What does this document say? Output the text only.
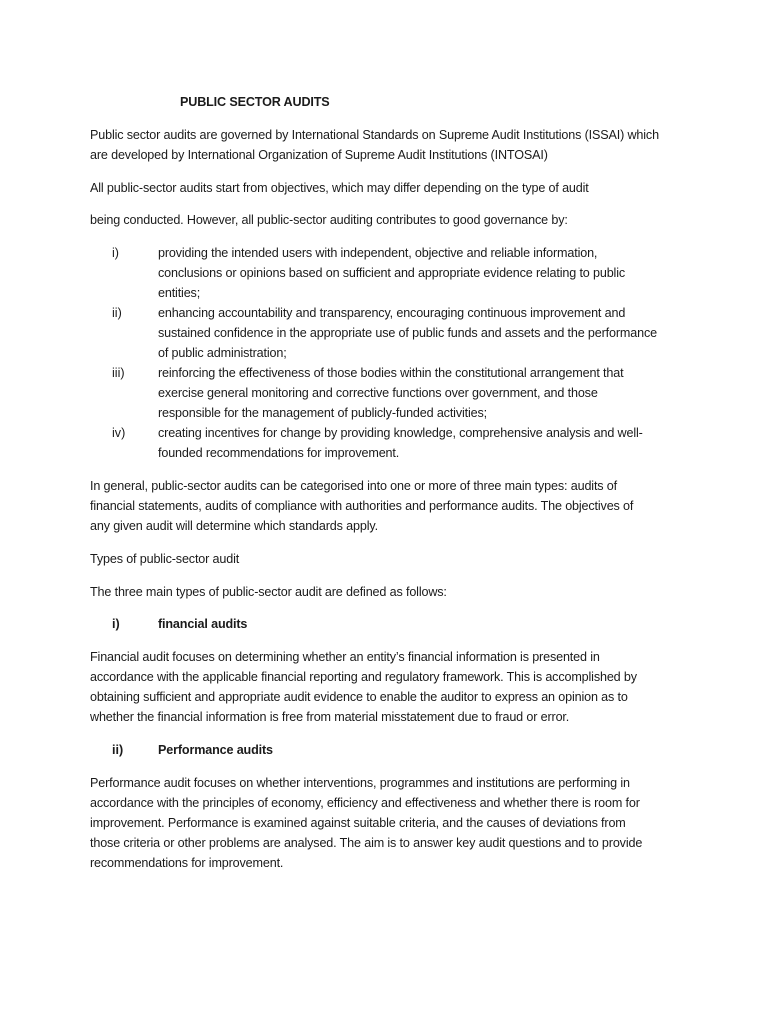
PUBLIC SECTOR AUDITS
Public sector audits are governed by International Standards on Supreme Audit Institutions (ISSAI) which
are developed by International Organization of Supreme Audit Institutions (INTOSAI)
All public-sector audits start from objectives, which may differ depending on the type of audit
being conducted. However, all public-sector auditing contributes to good governance by:
i)	providing the intended users with independent, objective and reliable information,
conclusions or opinions based on sufficient and appropriate evidence relating to public
entities;
ii)	enhancing accountability and transparency, encouraging continuous improvement and
sustained confidence in the appropriate use of public funds and assets and the performance
of public administration;
iii)	reinforcing the effectiveness of those bodies within the constitutional arrangement that
exercise general monitoring and corrective functions over government, and those
responsible for the management of publicly-funded activities;
iv)	creating incentives for change by providing knowledge, comprehensive analysis and well-
founded recommendations for improvement.
In general, public-sector audits can be categorised into one or more of three main types: audits of
financial statements, audits of compliance with authorities and performance audits. The objectives of
any given audit will determine which standards apply.
Types of public-sector audit
The three main types of public-sector audit are defined as follows:
i)	financial audits
Financial audit focuses on determining whether an entity’s financial information is presented in
accordance with the applicable financial reporting and regulatory framework. This is accomplished by
obtaining sufficient and appropriate audit evidence to enable the auditor to express an opinion as to
whether the financial information is free from material misstatement due to fraud or error.
ii)	Performance audits
Performance audit focuses on whether interventions, programmes and institutions are performing in
accordance with the principles of economy, efficiency and effectiveness and whether there is room for
improvement. Performance is examined against suitable criteria, and the causes of deviations from
those criteria or other problems are analysed. The aim is to answer key audit questions and to provide
recommendations for improvement.
